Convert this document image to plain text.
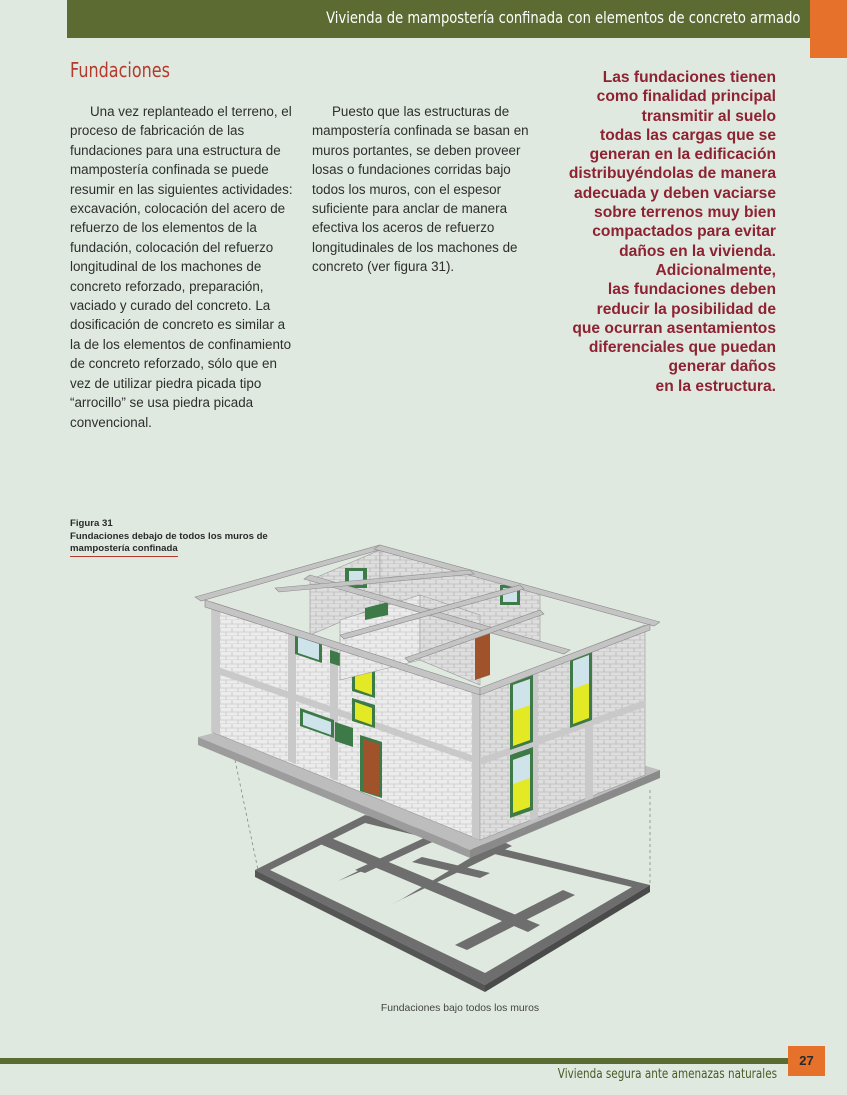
Vivienda de mampostería confinada con elementos de concreto armado
Fundaciones

Una vez replanteado el terreno, el proceso de fabricación de las fundaciones para una estructura de mampostería confinada se puede resumir en las siguientes actividades: excavación, colocación del acero de refuerzo de los elementos de la fundación, colocación del refuerzo longitudinal de los machones de concreto reforzado, preparación, vaciado y curado del concreto. La dosificación de concreto es similar a la de los elementos de confinamiento de concreto reforzado, sólo que en vez de utilizar piedra picada tipo “arrocillo” se usa piedra picada convencional.

Puesto que las estructuras de mampostería confinada se basan en muros portantes, se deben proveer losas o fundaciones corridas bajo todos los muros, con el espesor suficiente para anclar de manera efectiva los aceros de refuerzo longitudinales de los machones de concreto (ver figura 31).

Las fundaciones tienen
como finalidad principal
transmitir al suelo
todas las cargas que se
generan en la edificación
distribuyéndolas de manera
adecuada y deben vaciarse
sobre terrenos muy bien
compactados para evitar
daños en la vivienda.
Adicionalmente,
las fundaciones deben
reducir la posibilidad de
que ocurran asentamientos
diferenciales que puedan
generar daños
en la estructura.
Figura 31
Fundaciones debajo de todos los muros de
mampostería confinada
Fundaciones bajo todos los muros
27
Vivienda segura ante amenazas naturales
